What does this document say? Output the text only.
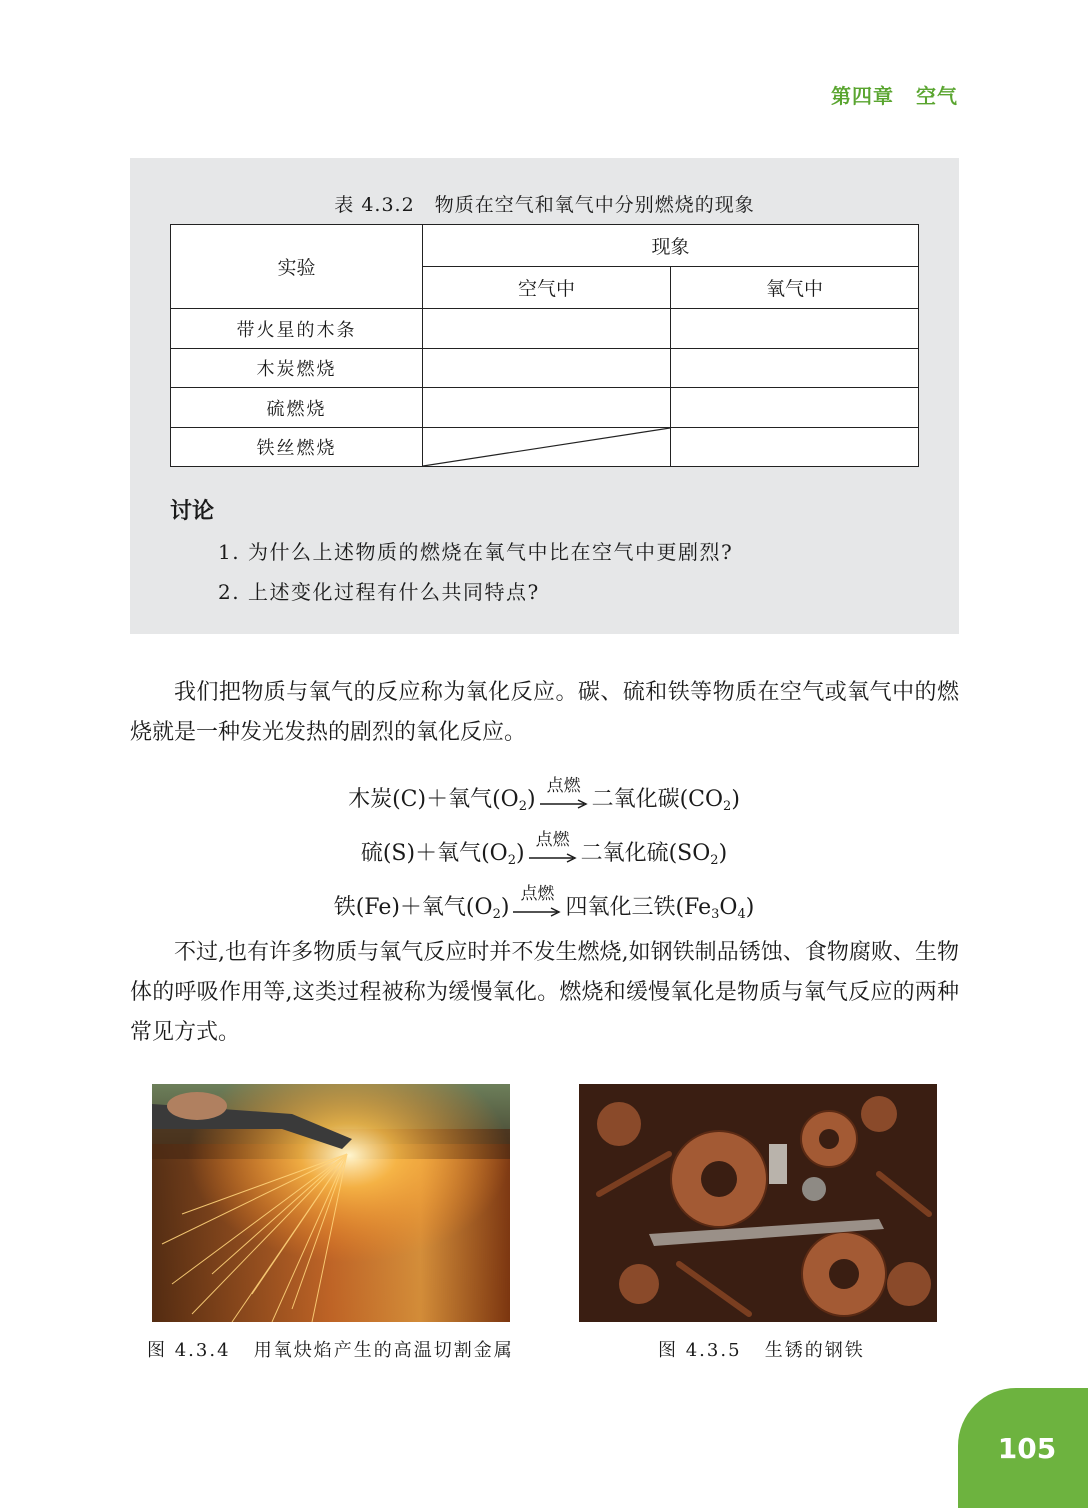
第四章 空气
表 4.3.2 物质在空气和氧气中分别燃烧的现象
实验	现象	
	空气中	氧气中
带火星的木条		
木炭燃烧		
硫燃烧		
铁丝燃烧	

讨论
1. 为什么上述物质的燃烧在氧气中比在空气中更剧烈?
2. 上述变化过程有什么共同特点?
我们把物质与氧气的反应称为氧化反应。碳、硫和铁等物质在空气或氧气中的燃烧就是一种发光发热的剧烈的氧化反应。
木炭(C)＋氧气$(O_2)$
点燃
二氧化碳$(CO_2)$
硫(S)＋氧气$(O_2)$
点燃
二氧化硫$(SO_2)$
铁(Fe)＋氧气$(O_2)$
点燃
四氧化三铁$(Fe_3O_4)$
不过,也有许多物质与氧气反应时并不发生燃烧,如钢铁制品锈蚀、食物腐败、生物体的呼吸作用等,这类过程被称为缓慢氧化。燃烧和缓慢氧化是物质与氧气反应的两种常见方式。
图 4.3.4 用氧炔焰产生的高温切割金属	图 4.3.5 生锈的钢铁
105
